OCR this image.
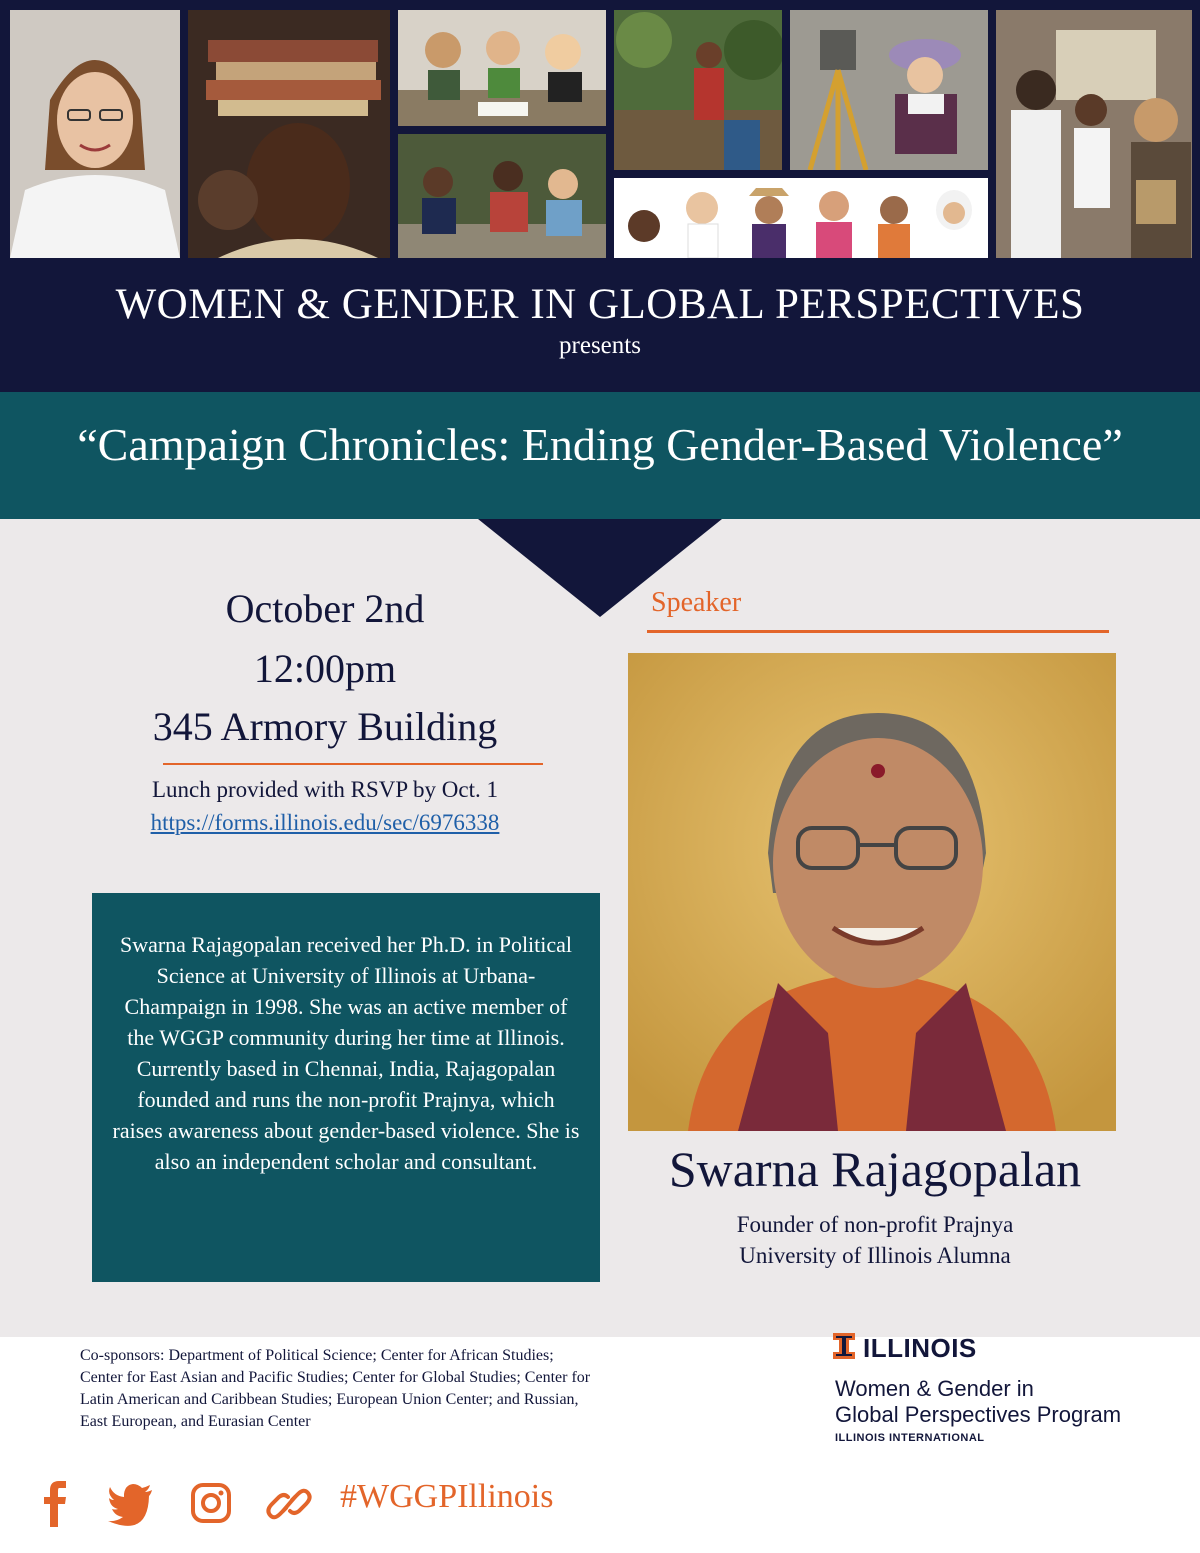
WOMEN & GENDER IN GLOBAL PERSPECTIVES
presents
“Campaign Chronicles: Ending Gender-Based Violence”
October 2nd
12:00pm
345 Armory Building
Lunch provided with RSVP by Oct. 1
https://forms.illinois.edu/sec/6976338
Swarna Rajagopalan received her Ph.D. in Political Science at University of Illinois at Urbana-Champaign in 1998. She was an active member of the WGGP community during her time at Illinois. Currently based in Chennai, India, Rajagopalan founded and runs the non-profit Prajnya, which raises awareness about gender-based violence. She is also an independent scholar and consultant.
Speaker
Swarna Rajagopalan
Founder of non-profit Prajnya
University of Illinois Alumna
Co-sponsors: Department of Political Science; Center for African Studies; Center for East Asian and Pacific Studies; Center for Global Studies; Center for Latin American and Caribbean Studies; European Union Center; and Russian, East European, and Eurasian Center
#WGGPIllinois
ILLINOIS
Women & Gender in
Global Perspectives Program
ILLINOIS INTERNATIONAL
